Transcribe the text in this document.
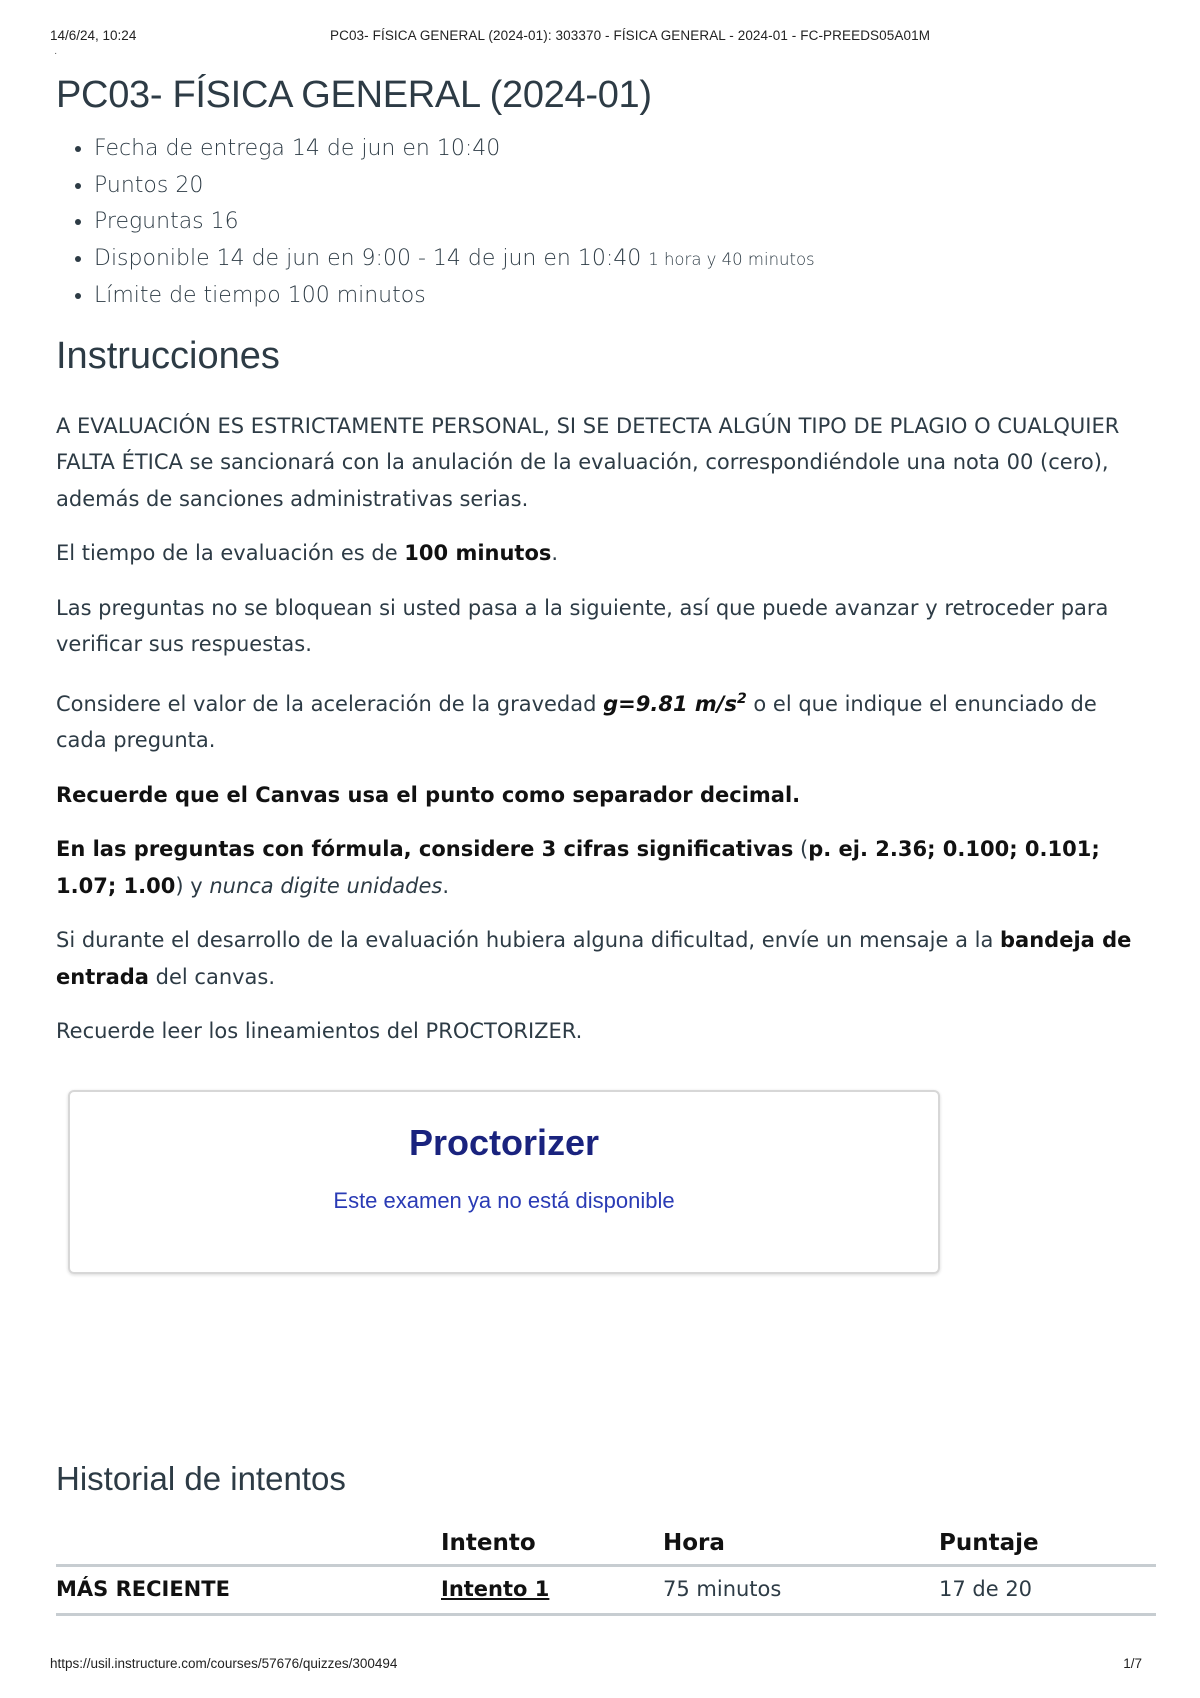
14/6/24, 10:24	PC03- FÍSICA GENERAL (2024-01): 303370 - FÍSICA GENERAL - 2024-01 - FC-PREEDS05A01M
·
PC03- FÍSICA GENERAL (2024-01)
• Fecha de entrega 14 de jun en 10:40
• Puntos 20
• Preguntas 16
• Disponible 14 de jun en 9:00 - 14 de jun en 10:40 1 hora y 40 minutos
• Límite de tiempo 100 minutos
Instrucciones

A EVALUACIÓN ES ESTRICTAMENTE PERSONAL, SI SE DETECTA ALGÚN TIPO DE PLAGIO O CUALQUIER FALTA ÉTICA se sancionará con la anulación de la evaluación, correspondiéndole una nota 00 (cero), además de sanciones administrativas serias.

El tiempo de la evaluación es de 100 minutos.

Las preguntas no se bloquean si usted pasa a la siguiente, así que puede avanzar y retroceder para verificar sus respuestas.

Considere el valor de la aceleración de la gravedad g=9.81 $m/s^2$ o el que indique el enunciado de cada pregunta.

Recuerde que el Canvas usa el punto como separador decimal.

En las preguntas con fórmula, considere 3 cifras significativas (p. ej. 2.36; 0.100; 0.101; 1.07; 1.00) y nunca digite unidades.

Si durante el desarrollo de la evaluación hubiera alguna dificultad, envíe un mensaje a la bandeja de entrada del canvas.

Recuerde leer los lineamientos del PROCTORIZER.

Proctorizer
Este examen ya no está disponible
Historial de intentos
	Intento	Hora	Puntaje
MÁS RECIENTE	Intento 1	75 minutos	17 de 20
https://usil.instructure.com/courses/57676/quizzes/300494	1/7
